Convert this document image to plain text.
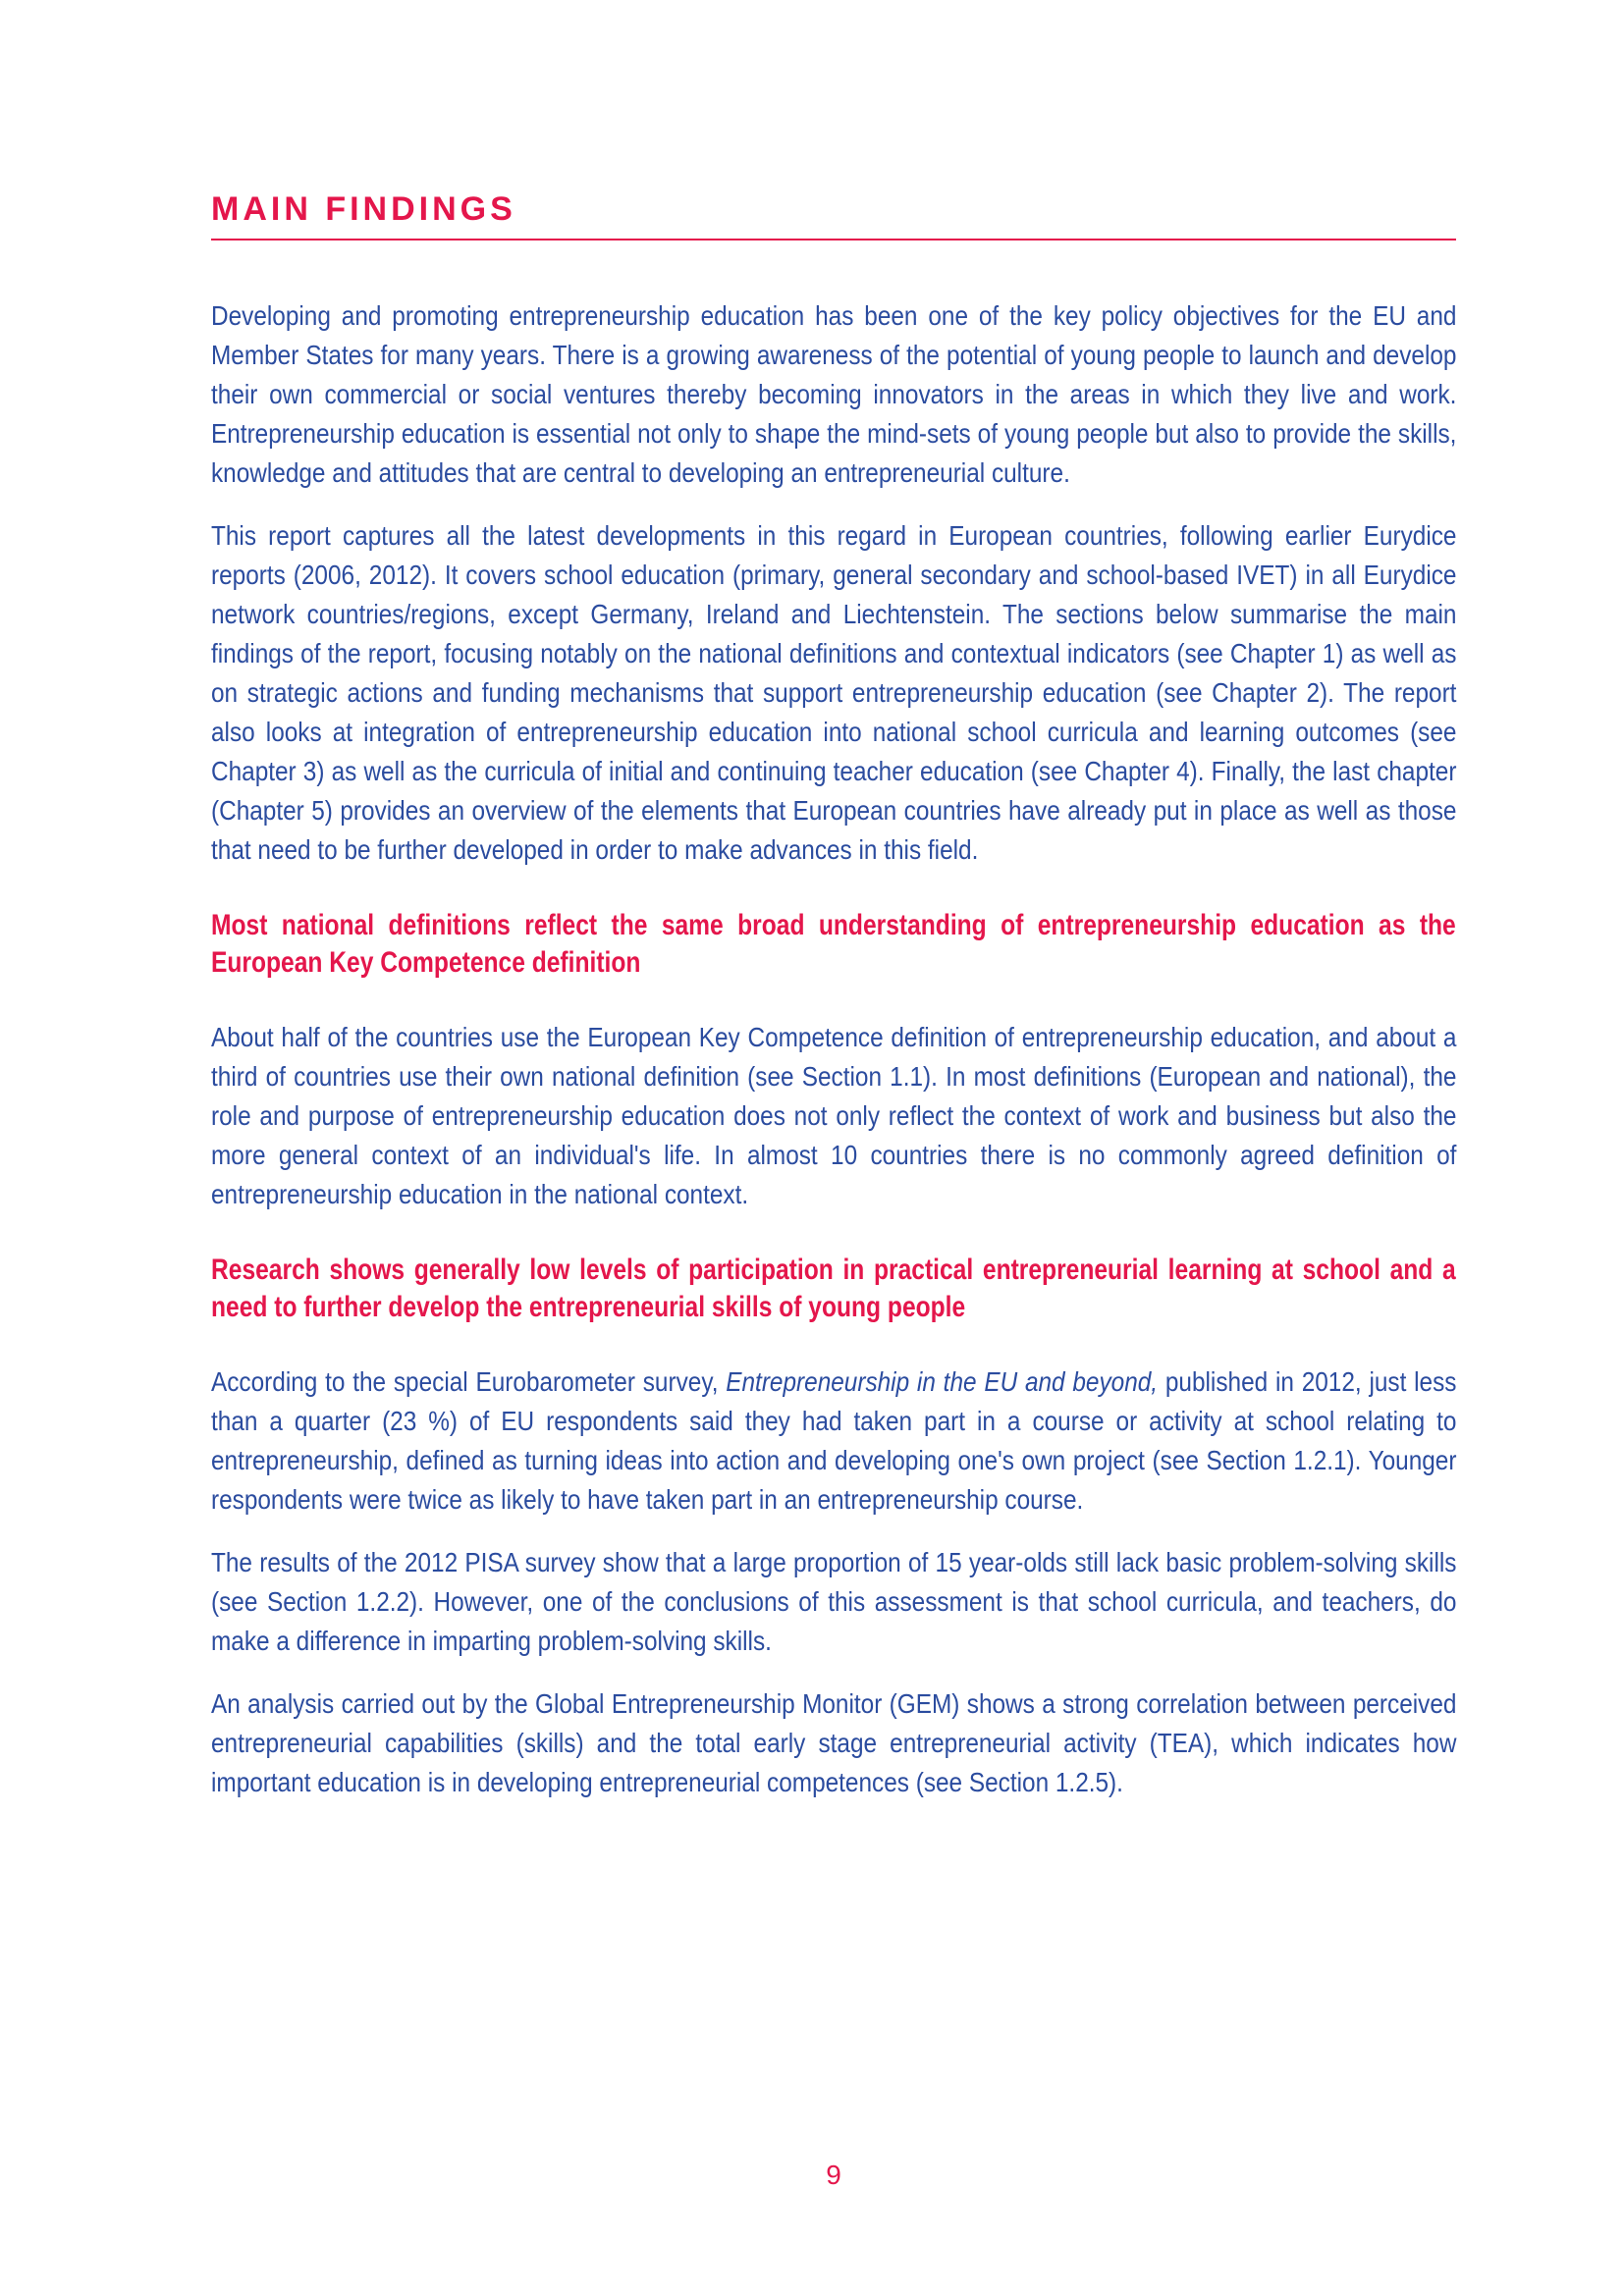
MAIN FINDINGS

Developing and promoting entrepreneurship education has been one of the key policy objectives for the EU and Member States for many years. There is a growing awareness of the potential of young people to launch and develop their own commercial or social ventures thereby becoming innovators in the areas in which they live and work. Entrepreneurship education is essential not only to shape the mind-sets of young people but also to provide the skills, knowledge and attitudes that are central to developing an entrepreneurial culture.

This report captures all the latest developments in this regard in European countries, following earlier Eurydice reports (2006, 2012). It covers school education (primary, general secondary and school-based IVET) in all Eurydice network countries/regions, except Germany, Ireland and Liechtenstein. The sections below summarise the main findings of the report, focusing notably on the national definitions and contextual indicators (see Chapter 1) as well as on strategic actions and funding mechanisms that support entrepreneurship education (see Chapter 2). The report also looks at integration of entrepreneurship education into national school curricula and learning outcomes (see Chapter 3) as well as the curricula of initial and continuing teacher education (see Chapter 4). Finally, the last chapter (Chapter 5) provides an overview of the elements that European countries have already put in place as well as those that need to be further developed in order to make advances in this field.

Most national definitions reflect the same broad understanding of entrepreneurship education as the European Key Competence definition

About half of the countries use the European Key Competence definition of entrepreneurship education, and about a third of countries use their own national definition (see Section 1.1). In most definitions (European and national), the role and purpose of entrepreneurship education does not only reflect the context of work and business but also the more general context of an individual's life. In almost 10 countries there is no commonly agreed definition of entrepreneurship education in the national context.

Research shows generally low levels of participation in practical entrepreneurial learning at school and a need to further develop the entrepreneurial skills of young people

According to the special Eurobarometer survey, Entrepreneurship in the EU and beyond, published in 2012, just less than a quarter (23 %) of EU respondents said they had taken part in a course or activity at school relating to entrepreneurship, defined as turning ideas into action and developing one's own project (see Section 1.2.1). Younger respondents were twice as likely to have taken part in an entrepreneurship course.

The results of the 2012 PISA survey show that a large proportion of 15 year-olds still lack basic problem-solving skills (see Section 1.2.2). However, one of the conclusions of this assessment is that school curricula, and teachers, do make a difference in imparting problem-solving skills.

An analysis carried out by the Global Entrepreneurship Monitor (GEM) shows a strong correlation between perceived entrepreneurial capabilities (skills) and the total early stage entrepreneurial activity (TEA), which indicates how important education is in developing entrepreneurial competences (see Section 1.2.5).

9
